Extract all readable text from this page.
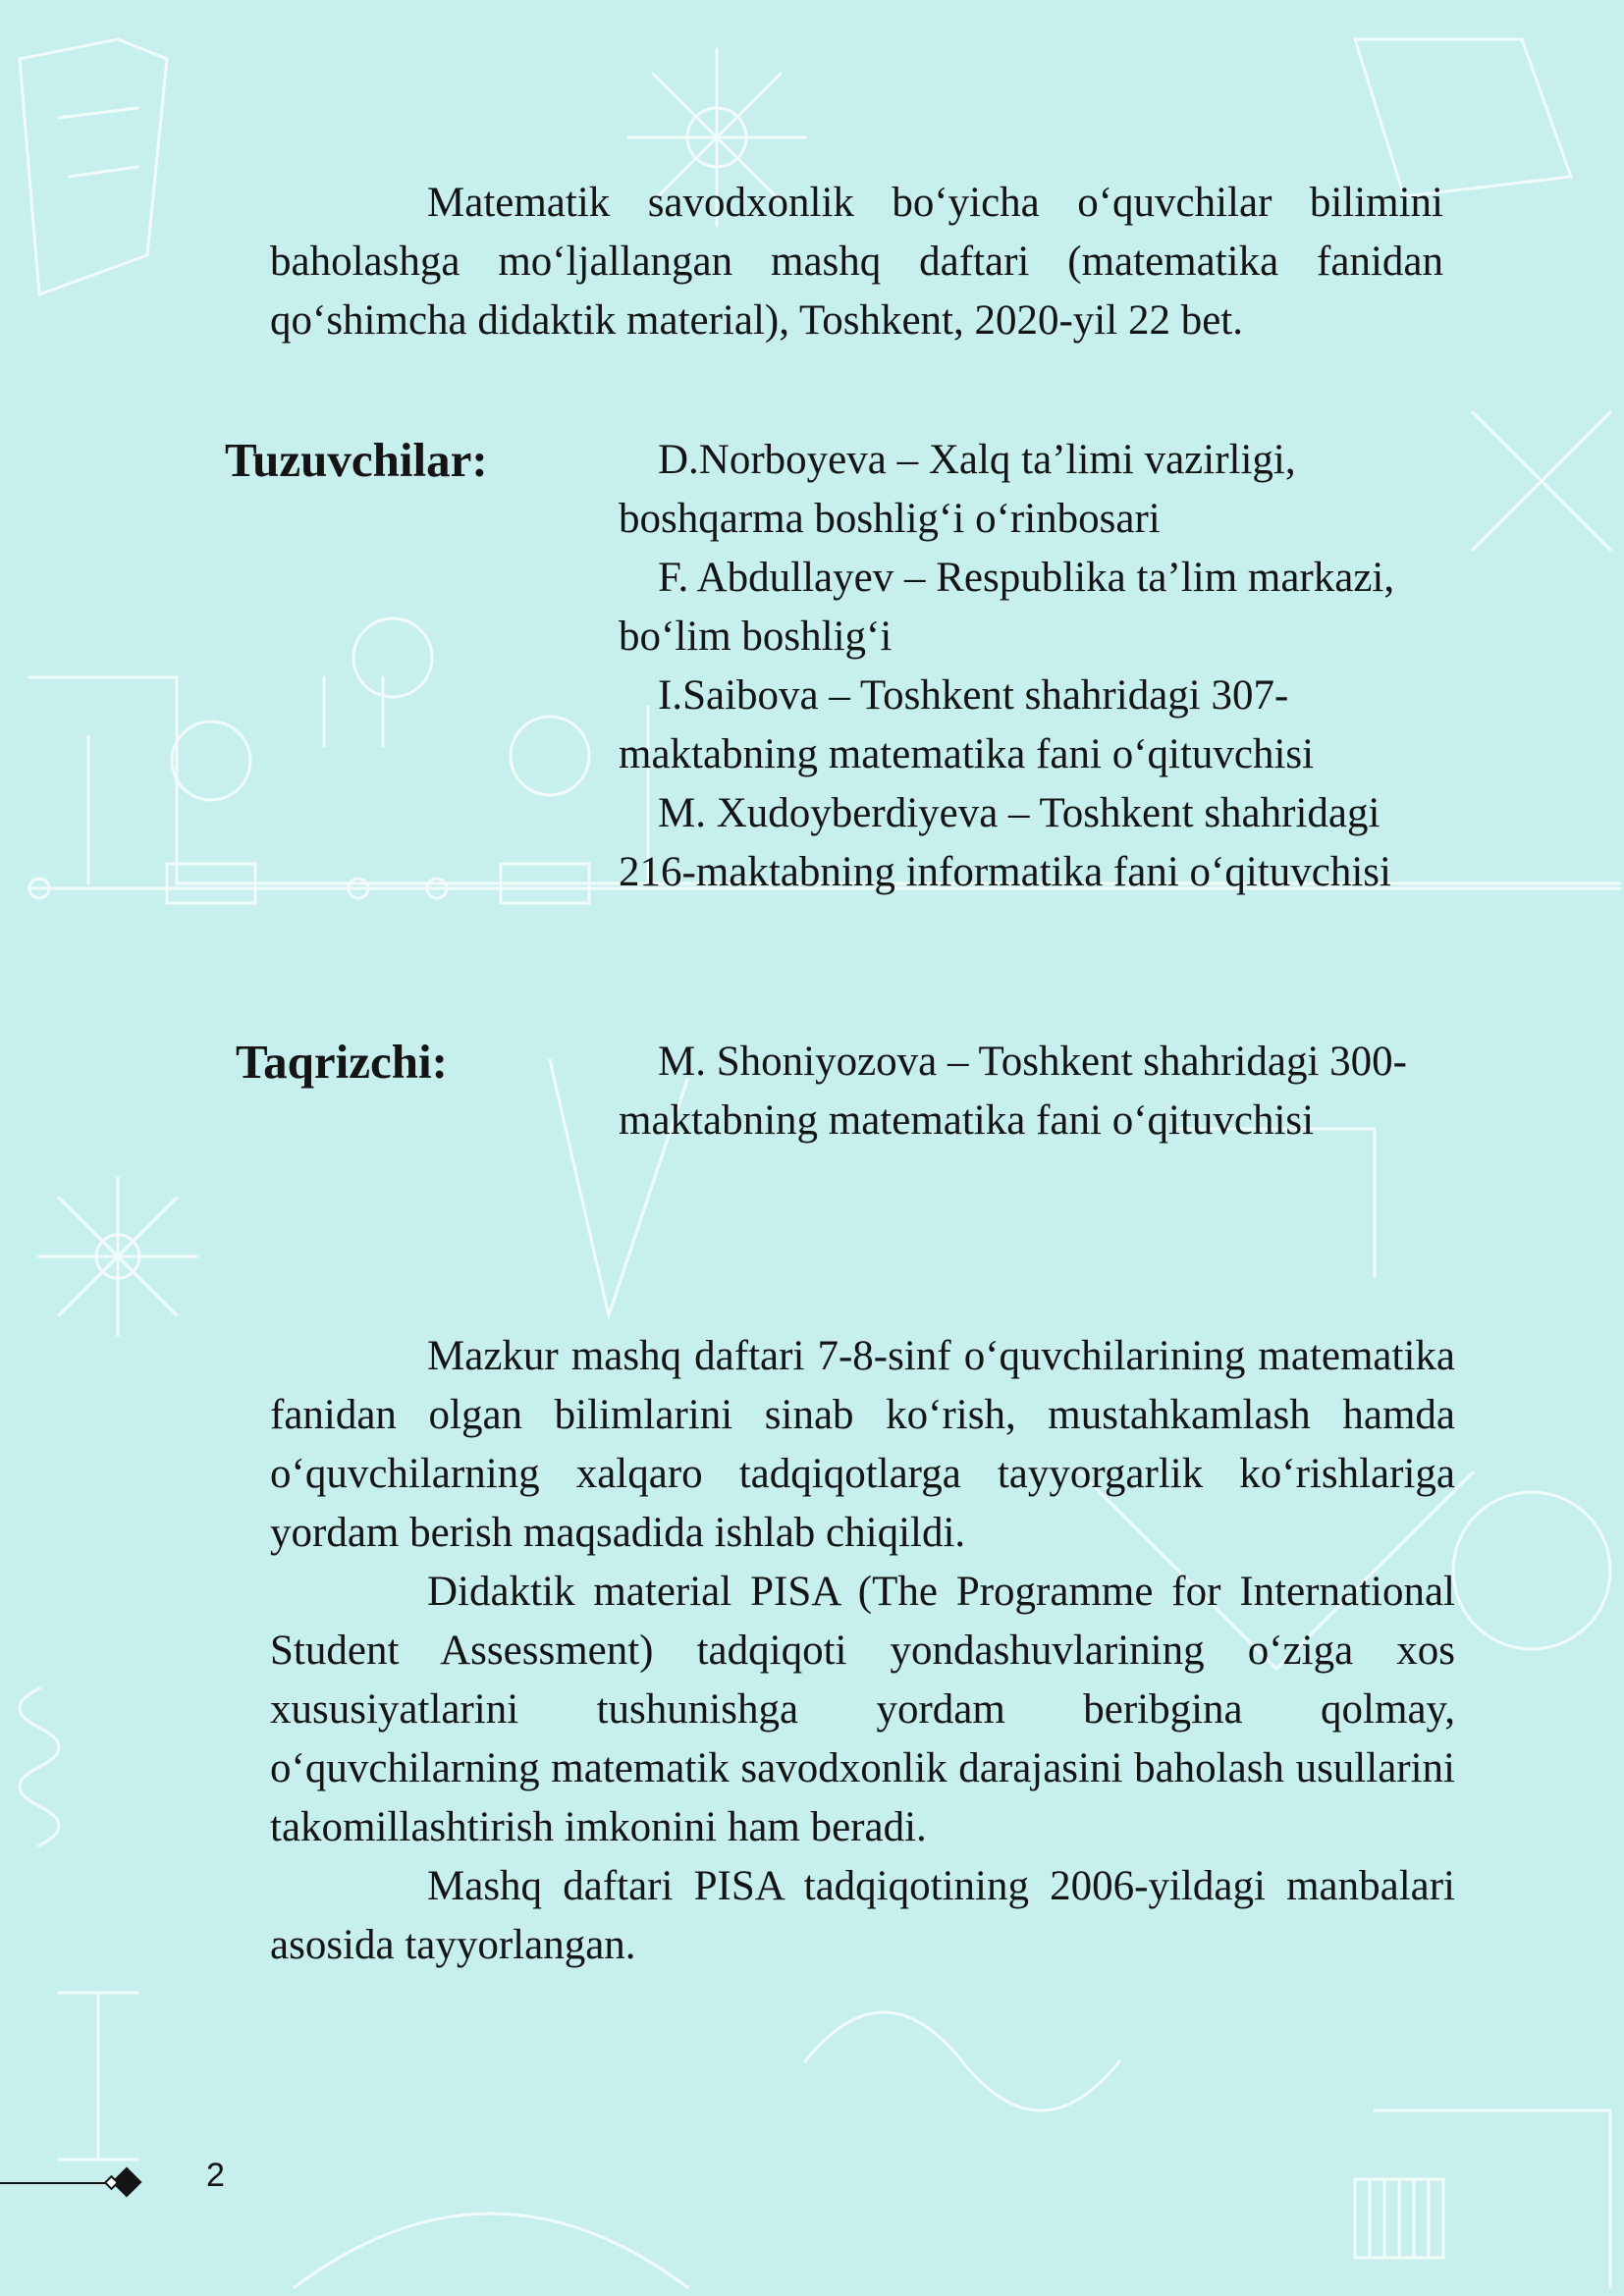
Matematik savodxonlik bo‘yicha o‘quvchilar bilimini baholashga mo‘ljallangan mashq daftari (matematika fanidan qo‘shimcha didaktik material), Toshkent, 2020-yil 22 bet.

Tuzuvchilar:	D.Norboyeva – Xalq ta’limi vazirligi, boshqarma boshlig‘i o‘rinbosari

F. Abdullayev – Respublika ta’lim markazi, bo‘lim boshlig‘i

I.Saibova – Toshkent shahridagi 307-maktabning matematika fani o‘qituvchisi

M. Xudoyberdiyeva – Toshkent shahridagi 216-maktabning informatika fani o‘qituvchisi

Taqrizchi:	M. Shoniyozova – Toshkent shahridagi 300-maktabning matematika fani o‘qituvchisi

Mazkur mashq daftari 7-8-sinf o‘quvchilarining matematika fanidan olgan bilimlarini sinab ko‘rish, mustahkamlash hamda o‘quvchilarning xalqaro tadqiqotlarga tayyorgarlik ko‘rishlariga yordam berish maqsadida ishlab chiqildi.

Didaktik material PISA (The Programme for International Student Assessment) tadqiqoti yondashuvlarining o‘ziga xos xususiyatlarini tushunishga yordam beribgina qolmay, o‘quvchilarning matematik savodxonlik darajasini baholash usullarini takomillashtirish imkonini ham beradi.

Mashq daftari PISA tadqiqotining 2006-yildagi manbalari asosida tayyorlangan.

2
